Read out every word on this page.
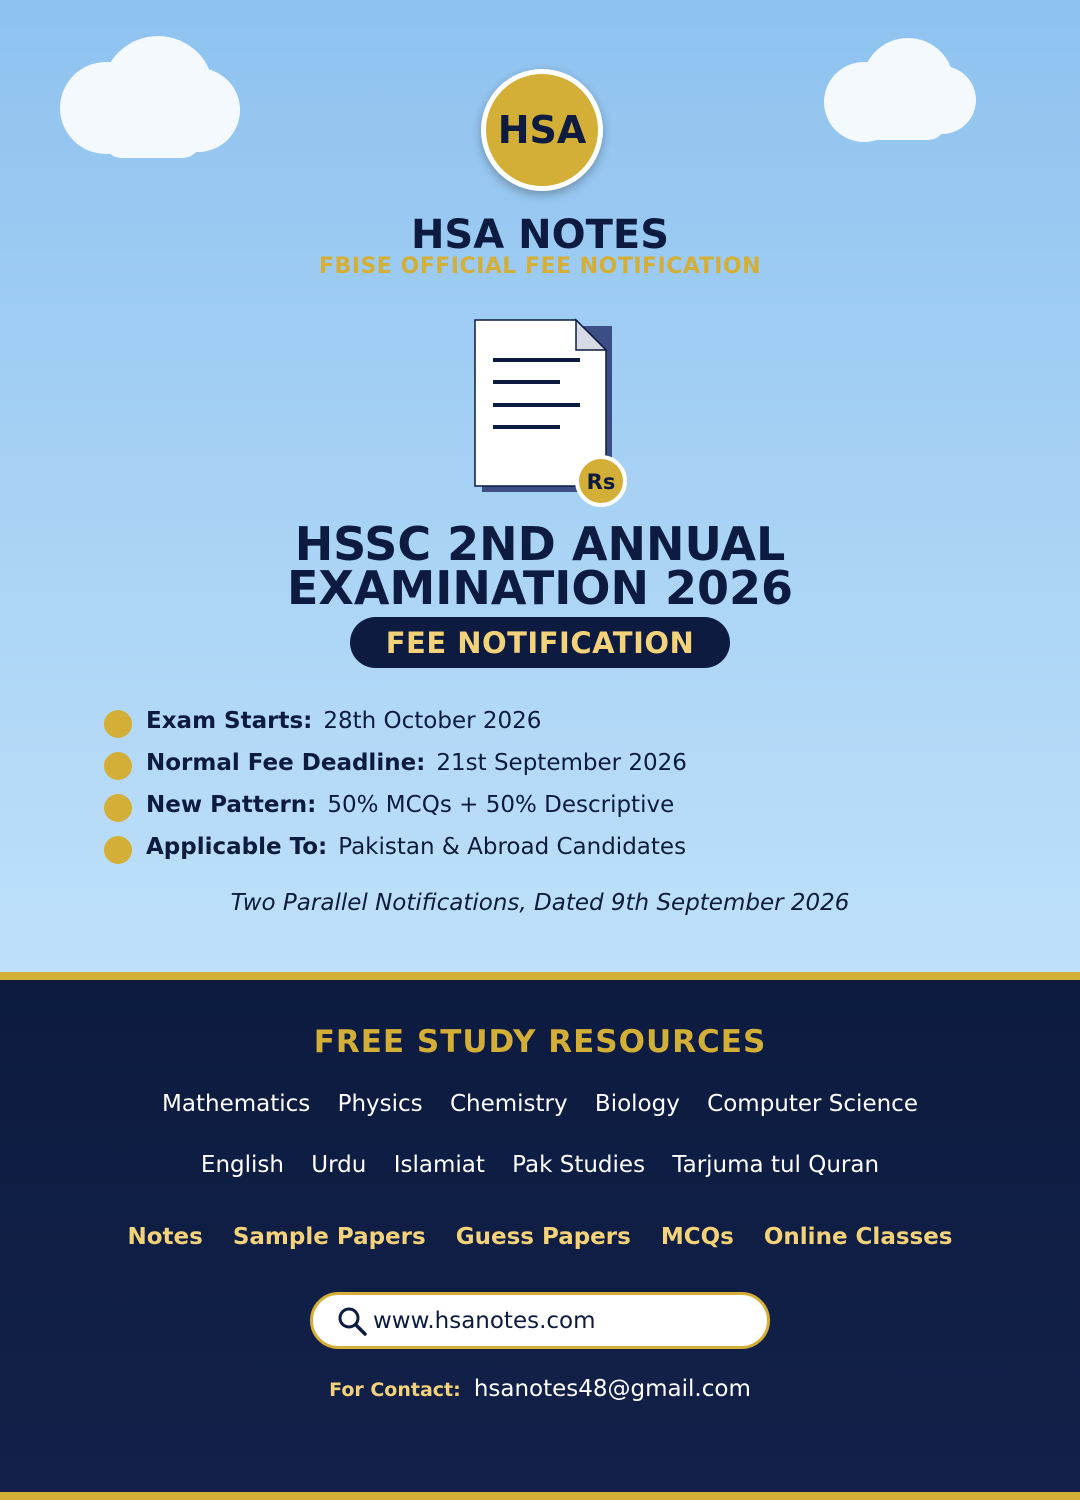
HSA
HSA NOTES
FBISE OFFICIAL FEE NOTIFICATION
Rs
HSSC 2ND ANNUAL
EXAMINATION 2026
FEE NOTIFICATION
Exam Starts: 28th October 2026
Normal Fee Deadline: 21st September 2026
New Pattern: 50% MCQs + 50% Descriptive
Applicable To: Pakistan & Abroad Candidates
Two Parallel Notifications, Dated 9th September 2026
FREE STUDY RESOURCES
Mathematics Physics Chemistry Biology Computer Science
English Urdu Islamiat Pak Studies Tarjuma tul Quran
Notes Sample Papers Guess Papers MCQs Online Classes
www.hsanotes.com
For Contact: hsanotes48@gmail.com
